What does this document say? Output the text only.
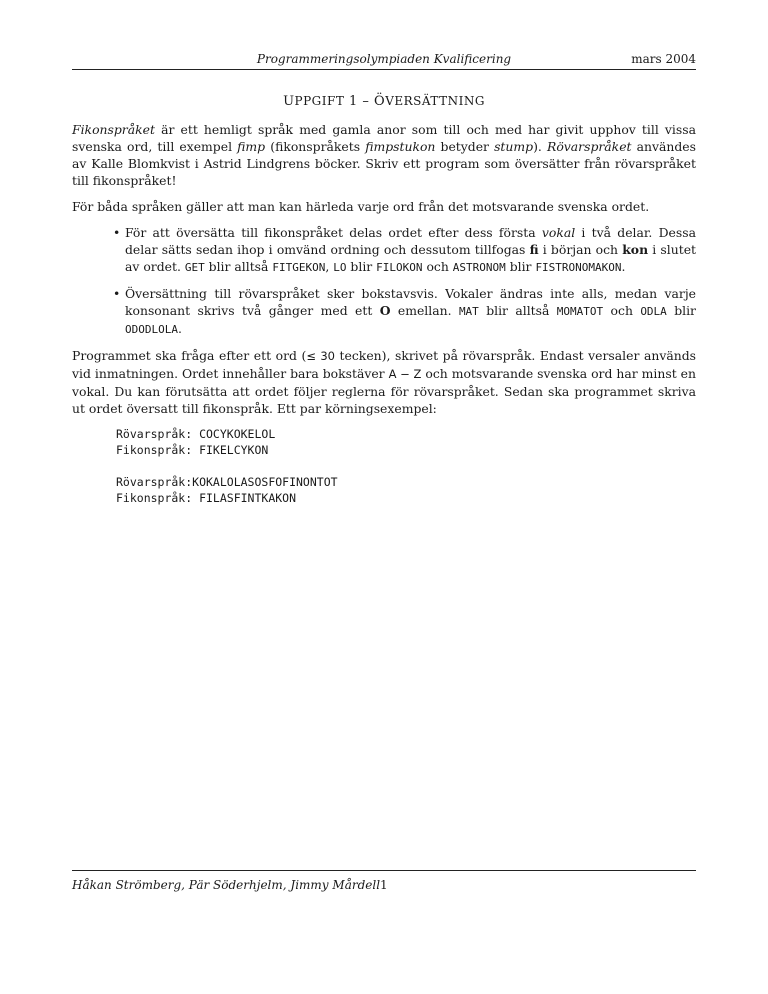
Programmeringsolympiaden Kvalificering	mars 2004
UPPGIFT 1 – ÖVERSÄTTNING

Fikonspråket är ett hemligt språk med gamla anor som till och med har givit upphov till vissa svenska ord, till exempel fimp (fikonspråkets fimpstukon betyder stump). Rövarspråket användes av Kalle Blomkvist i Astrid Lindgrens böcker. Skriv ett program som översätter från rövarspråket till fikonspråket!

För båda språken gäller att man kan härleda varje ord från det motsvarande svenska ordet.

• För att översätta till fikonspråket delas ordet efter dess första vokal i två delar. Dessa delar sätts sedan ihop i omvänd ordning och dessutom tillfogas fi i början och kon i slutet av ordet. GET blir alltså FITGEKON, LO blir FILOKON och ASTRONOM blir FISTRONOMAKON.
• Översättning till rövarspråket sker bokstavsvis. Vokaler ändras inte alls, medan varje konsonant skrivs två gånger med ett O emellan. MAT blir alltså MOMATOT och ODLA blir ODODLOLA.

Programmet ska fråga efter ett ord (≤ 30 tecken), skrivet på rövarspråk. Endast versaler används vid inmatningen. Ordet innehåller bara bokstäver A − Z och motsvarande svenska ord har minst en vokal. Du kan förutsätta att ordet följer reglerna för rövarspråket. Sedan ska programmet skriva ut ordet översatt till fikonspråk. Ett par körningsexempel:

Rövarspråk: COCYKOKELOL
Fikonspråk: FIKELCYKON
Rövarspråk:KOKALOLASOSFOFINONTOT
Fikonspråk: FILASFINTKAKON
Håkan Strömberg, Pär Söderhjelm, Jimmy Mårdell 1
